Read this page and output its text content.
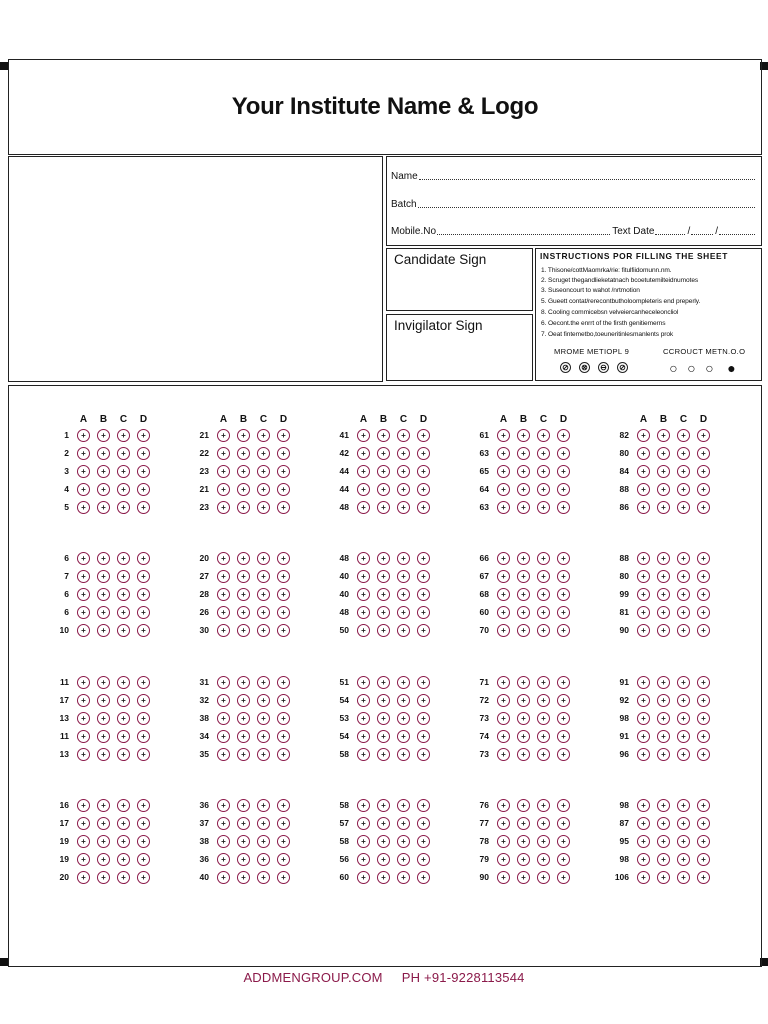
Your Institute Name & Logo
Name
Batch
Mobile.No	Text Date	/	/
Candidate Sign
Invigilator Sign
INSTRUCTIONS POR FILLING THE SHEET
1. Thisone/cottMaomrka/rie: fitulfiidomunn.nm.
2. Scruget thegandlieketatnach bcoetutemilteidnumotes
3. Suseoncourt to wahot /nrtmotion
5. Gueett contat/rerecontbutholoompleteris end preperly.
8. Cooling commicebsn velveiercanheceleoncliol
6. Oecont.the enrrt of the firsth genitiemerns
7. Oeat fintemetbo,toeuneritinlesmanlents prok
MROME METIOPL 9	CCROUCT METN.O.O
⊘ ⊗ ⊖ ⊘	○ ○ ○ ●
A	B	C	D
1	+	+	+	+
2	+	+	+	+
3	+	+	+	+
4	+	+	+	+
5	+	+	+	+
A	B	C	D
21	+	+	+	+
22	+	+	+	+
23	+	+	+	+
21	+	+	+	+
23	+	+	+	+
A	B	C	D
41	+	+	+	+
42	+	+	+	+
44	+	+	+	+
44	+	+	+	+
48	+	+	+	+
A	B	C	D
61	+	+	+	+
63	+	+	+	+
65	+	+	+	+
64	+	+	+	+
63	+	+	+	+
A	B	C	D
82	+	+	+	+
80	+	+	+	+
84	+	+	+	+
88	+	+	+	+
86	+	+	+	+
6	+	+	+	+
7	+	+	+	+
6	+	+	+	+
6	+	+	+	+
10	+	+	+	+
20	+	+	+	+
27	+	+	+	+
28	+	+	+	+
26	+	+	+	+
30	+	+	+	+
48	+	+	+	+
40	+	+	+	+
40	+	+	+	+
48	+	+	+	+
50	+	+	+	+
66	+	+	+	+
67	+	+	+	+
68	+	+	+	+
60	+	+	+	+
70	+	+	+	+
88	+	+	+	+
80	+	+	+	+
99	+	+	+	+
81	+	+	+	+
90	+	+	+	+
11	+	+	+	+
17	+	+	+	+
13	+	+	+	+
11	+	+	+	+
13	+	+	+	+
31	+	+	+	+
32	+	+	+	+
38	+	+	+	+
34	+	+	+	+
35	+	+	+	+
51	+	+	+	+
54	+	+	+	+
53	+	+	+	+
54	+	+	+	+
58	+	+	+	+
71	+	+	+	+
72	+	+	+	+
73	+	+	+	+
74	+	+	+	+
73	+	+	+	+
91	+	+	+	+
92	+	+	+	+
98	+	+	+	+
91	+	+	+	+
96	+	+	+	+
16	+	+	+	+
17	+	+	+	+
19	+	+	+	+
19	+	+	+	+
20	+	+	+	+
36	+	+	+	+
37	+	+	+	+
38	+	+	+	+
36	+	+	+	+
40	+	+	+	+
58	+	+	+	+
57	+	+	+	+
58	+	+	+	+
56	+	+	+	+
60	+	+	+	+
76	+	+	+	+
77	+	+	+	+
78	+	+	+	+
79	+	+	+	+
90	+	+	+	+
98	+	+	+	+
87	+	+	+	+
95	+	+	+	+
98	+	+	+	+
106	+	+	+	+
ADDMENGROUP.COM     PH +91-9228113544
